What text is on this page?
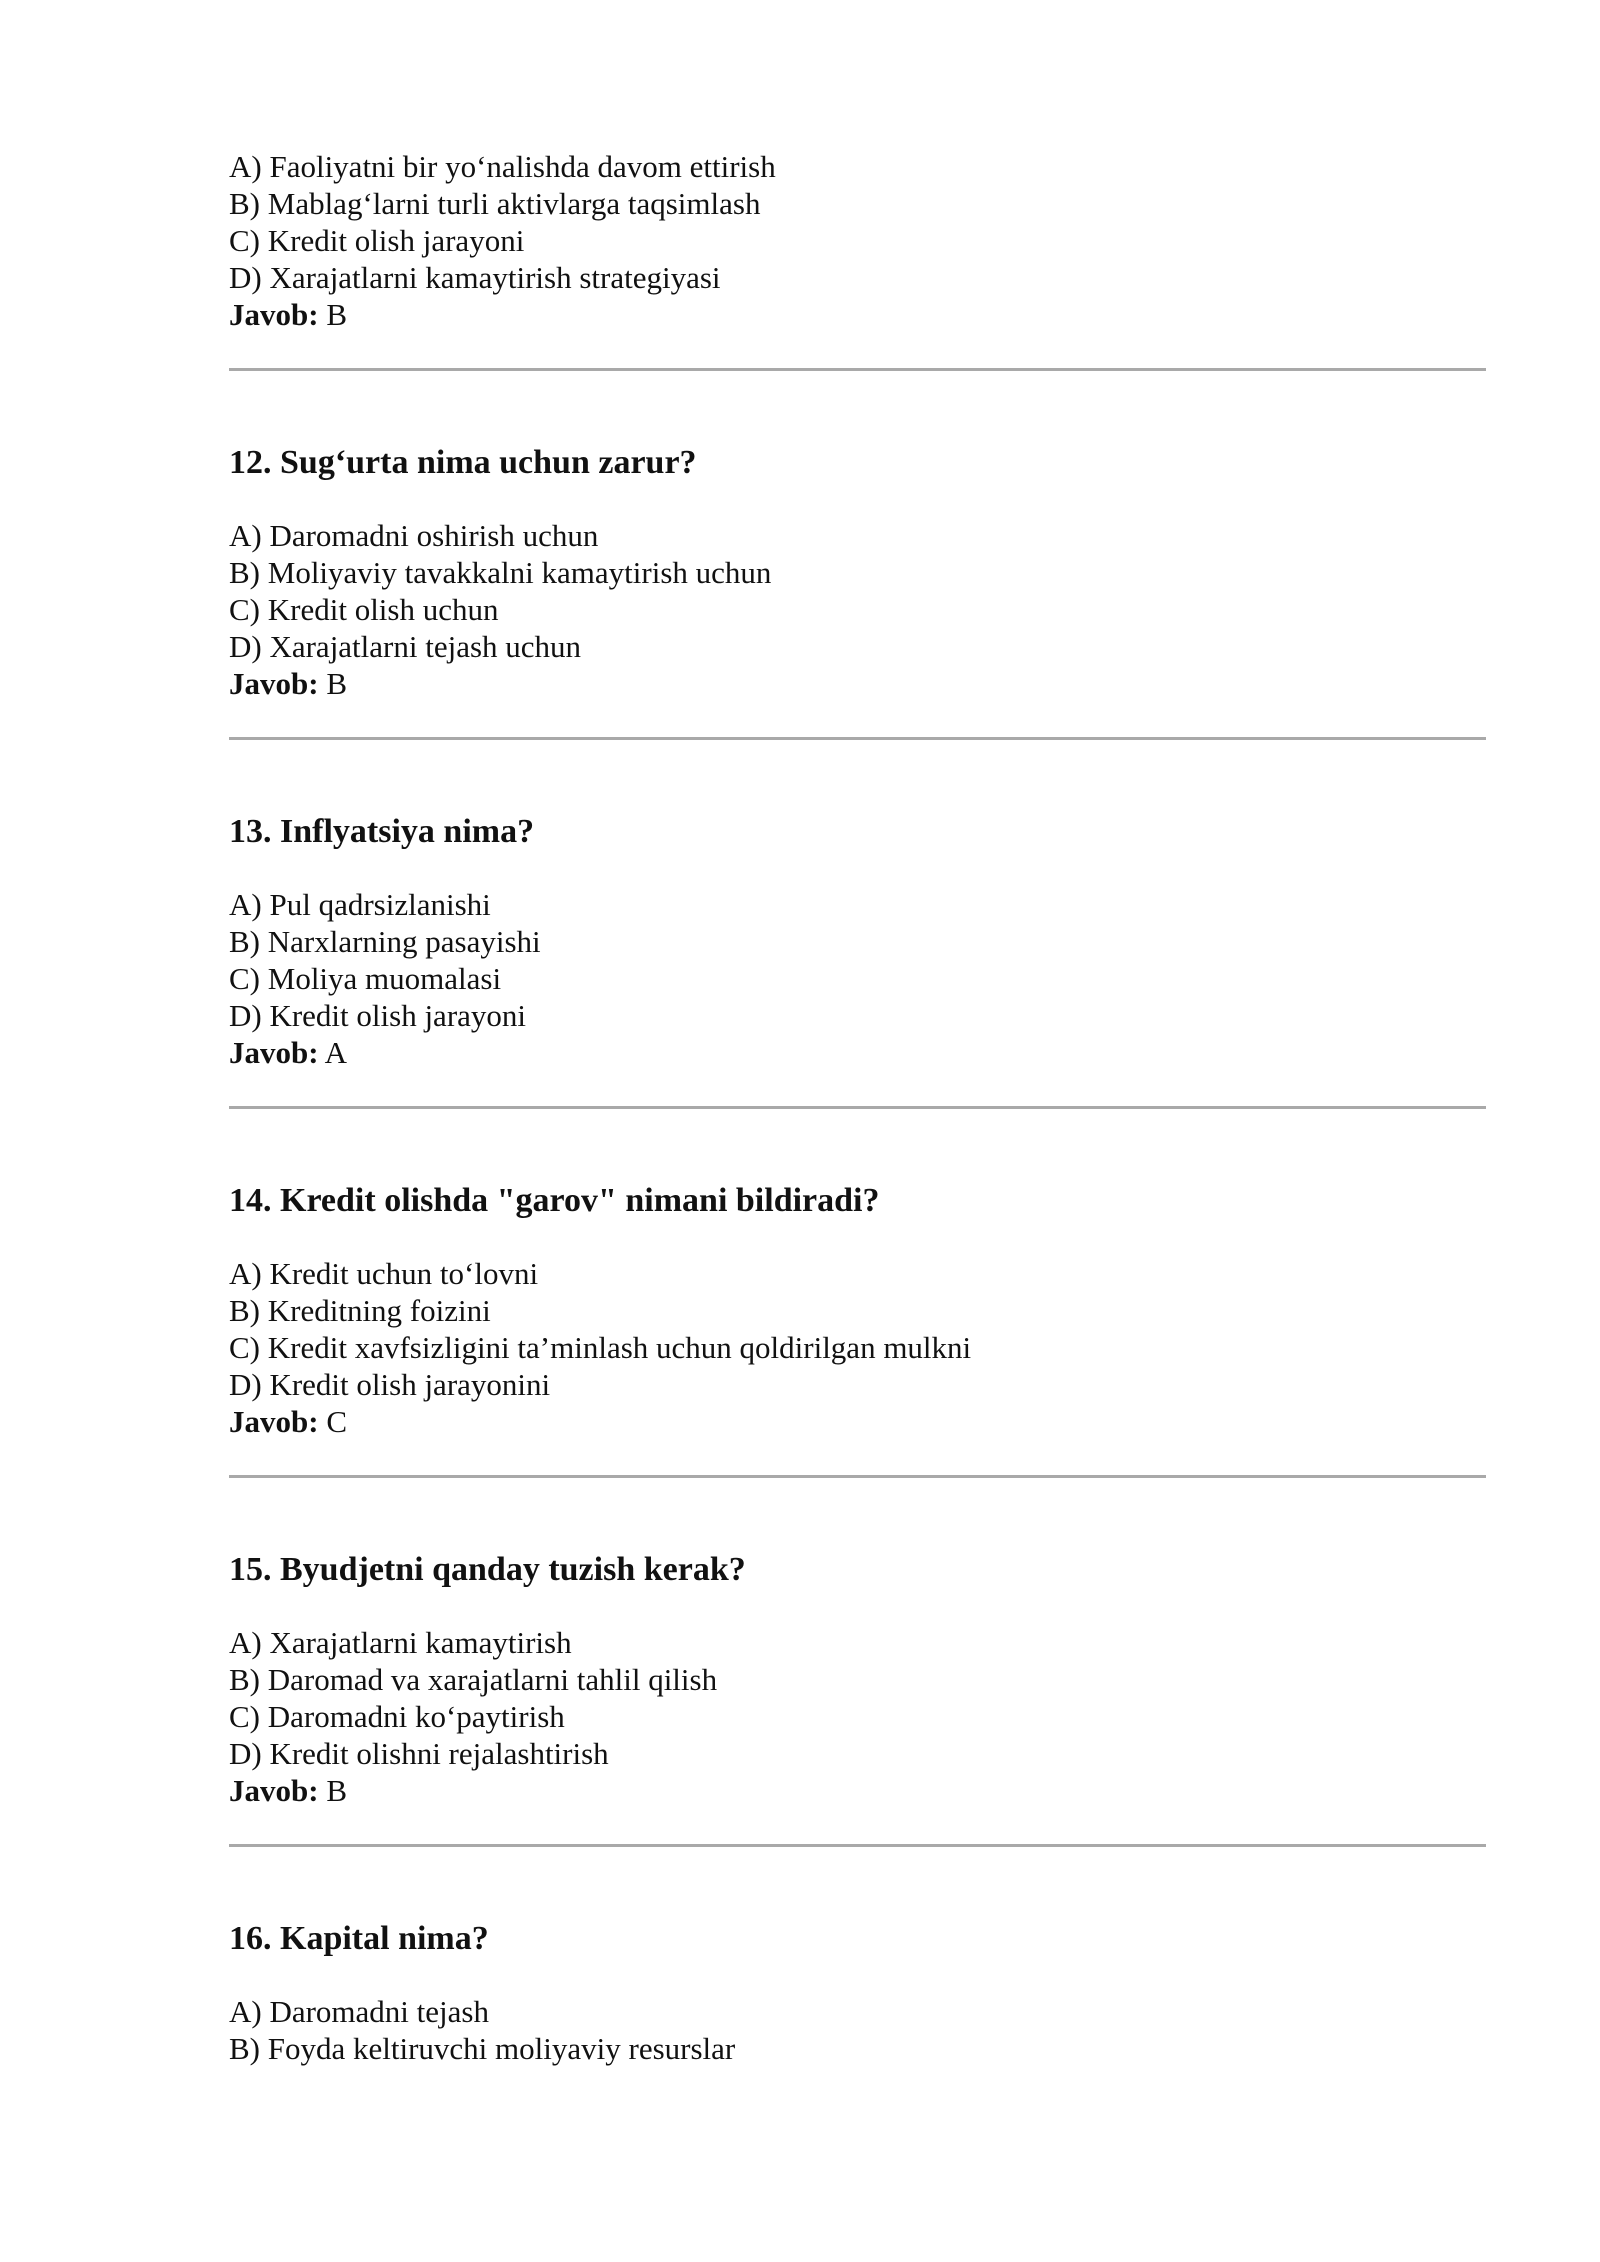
A) Faoliyatni bir yo‘nalishda davom ettirish
B) Mablag‘larni turli aktivlarga taqsimlash
C) Kredit olish jarayoni
D) Xarajatlarni kamaytirish strategiyasi
Javob: B
12. Sug‘urta nima uchun zarur?
A) Daromadni oshirish uchun
B) Moliyaviy tavakkalni kamaytirish uchun
C) Kredit olish uchun
D) Xarajatlarni tejash uchun
Javob: B
13. Inflyatsiya nima?
A) Pul qadrsizlanishi
B) Narxlarning pasayishi
C) Moliya muomalasi
D) Kredit olish jarayoni
Javob: A
14. Kredit olishda "garov" nimani bildiradi?
A) Kredit uchun to‘lovni
B) Kreditning foizini
C) Kredit xavfsizligini ta’minlash uchun qoldirilgan mulkni
D) Kredit olish jarayonini
Javob: C
15. Byudjetni qanday tuzish kerak?
A) Xarajatlarni kamaytirish
B) Daromad va xarajatlarni tahlil qilish
C) Daromadni ko‘paytirish
D) Kredit olishni rejalashtirish
Javob: B
16. Kapital nima?
A) Daromadni tejash
B) Foyda keltiruvchi moliyaviy resurslar
